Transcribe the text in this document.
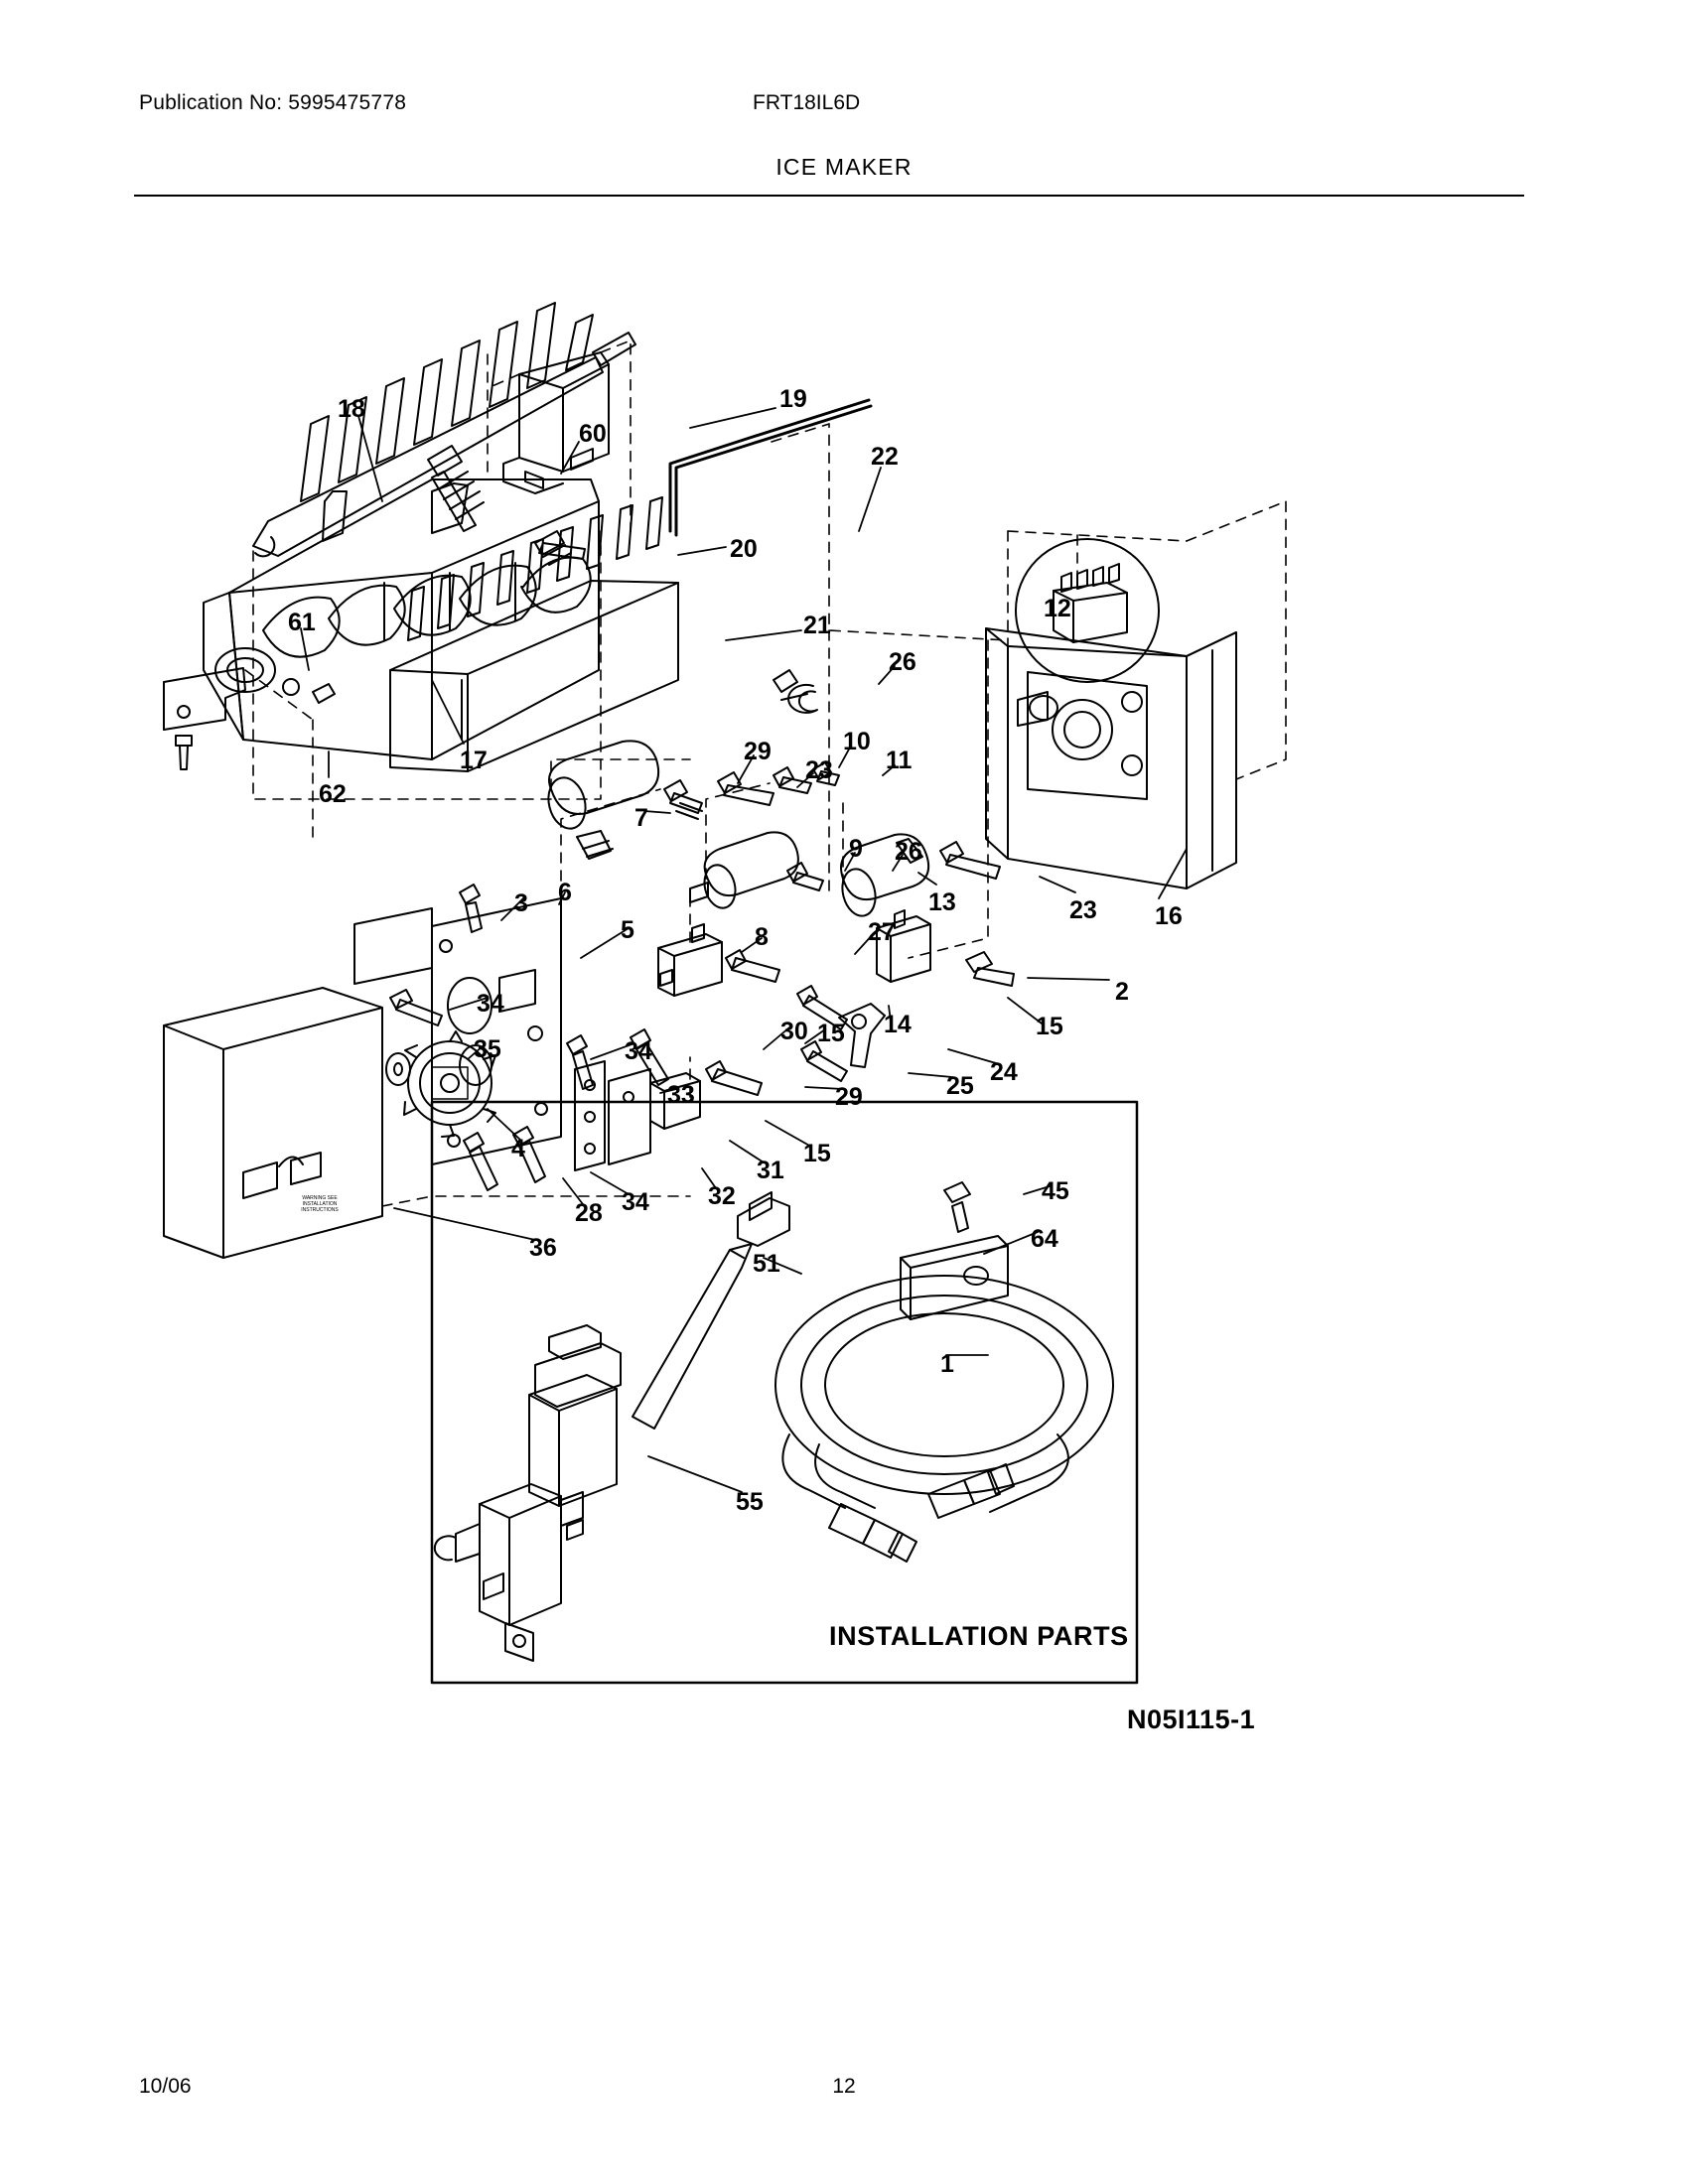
Publication No: 5995475778	FRT18IL6D
ICE MAKER
18
60
19
22
20
21
12
61
62
17
26
29
23
10
11
7
9 26
13	23 16
3 6
5	8	27
2
34
34
30 15 14	15
35
24
25
33	29
4	15
31
32
28 34
36
45
64
51
1
55
INSTALLATION PARTS
N05I115-1
WARNING SEE INSTALLATION INSTRUCTIONS
10/06	12
